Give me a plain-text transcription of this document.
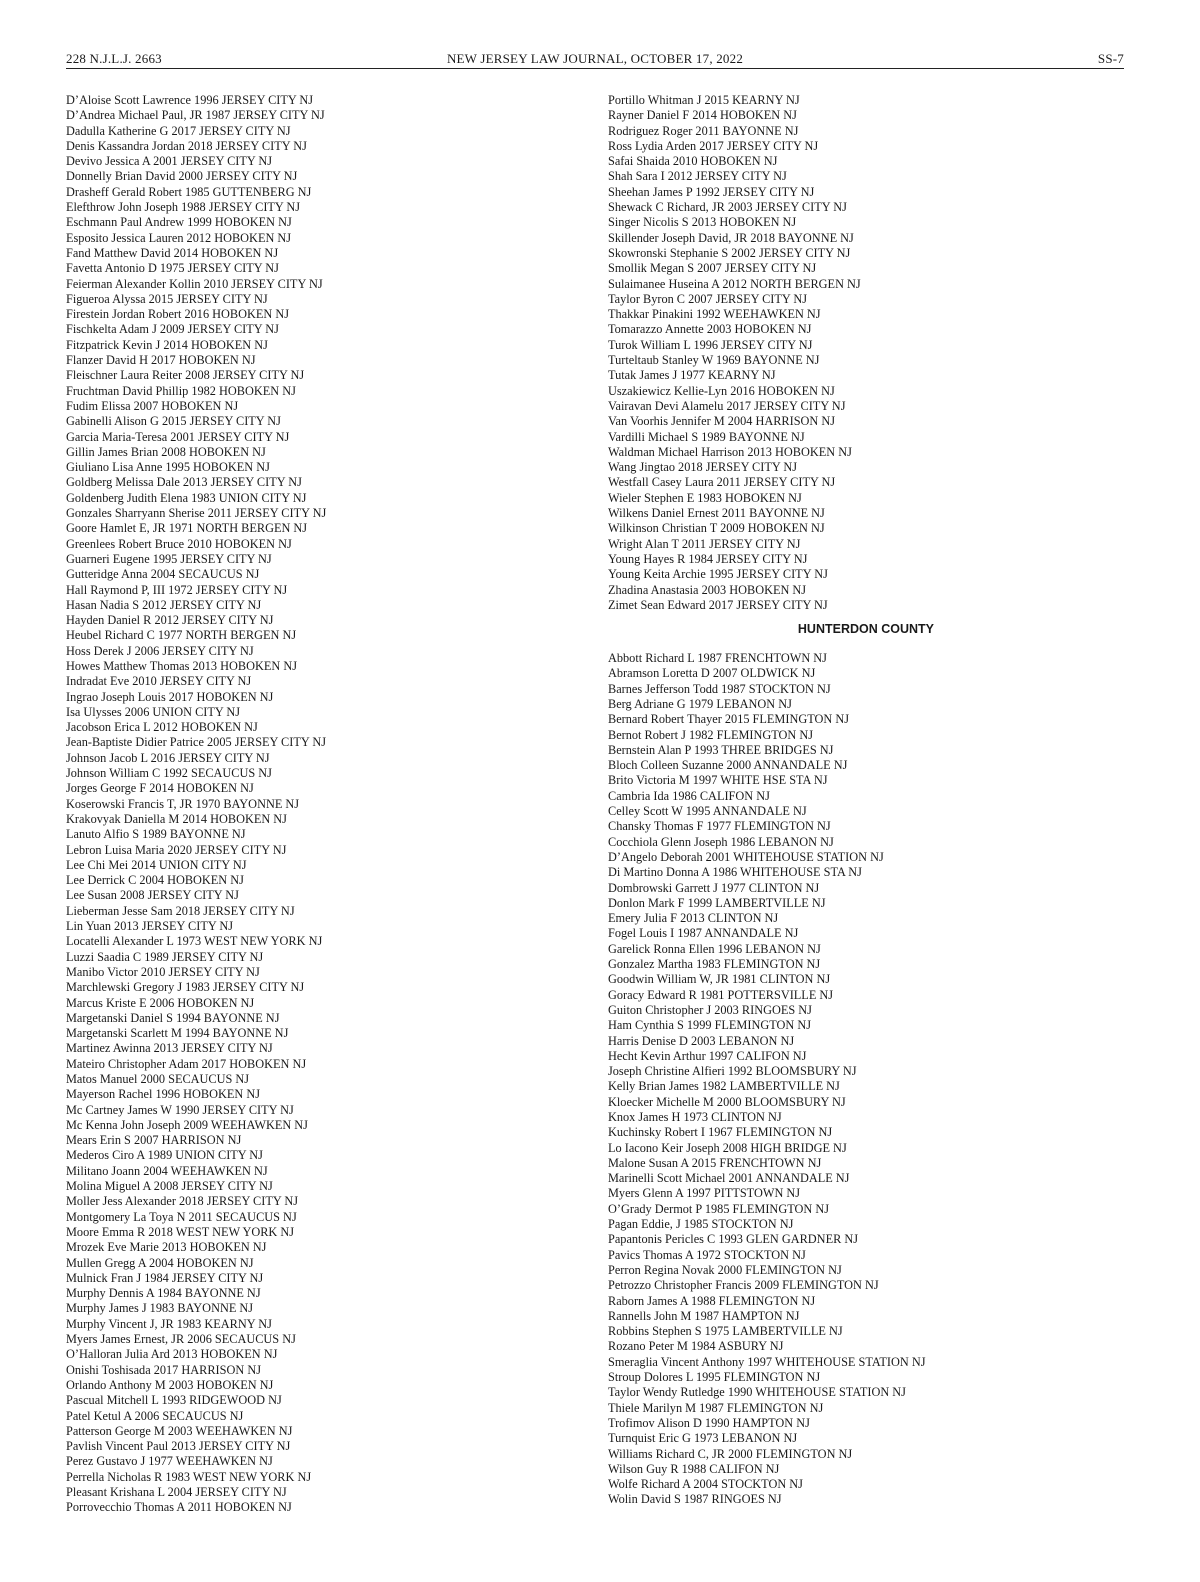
228 N.J.L.J. 2663	NEW JERSEY LAW JOURNAL, OCTOBER 17, 2022	SS-7
D’Aloise Scott Lawrence 1996 JERSEY CITY NJ
D’Andrea Michael Paul, JR 1987 JERSEY CITY NJ
Dadulla Katherine G 2017 JERSEY CITY NJ
Denis Kassandra Jordan 2018 JERSEY CITY NJ
Devivo Jessica A 2001 JERSEY CITY NJ
Donnelly Brian David 2000 JERSEY CITY NJ
Drasheff Gerald Robert 1985 GUTTENBERG NJ
Elefthrow John Joseph 1988 JERSEY CITY NJ
Eschmann Paul Andrew 1999 HOBOKEN NJ
Esposito Jessica Lauren 2012 HOBOKEN NJ
Fand Matthew David 2014 HOBOKEN NJ
Favetta Antonio D 1975 JERSEY CITY NJ
Feierman Alexander Kollin 2010 JERSEY CITY NJ
Figueroa Alyssa 2015 JERSEY CITY NJ
Firestein Jordan Robert 2016 HOBOKEN NJ
Fischkelta Adam J 2009 JERSEY CITY NJ
Fitzpatrick Kevin J 2014 HOBOKEN NJ
Flanzer David H 2017 HOBOKEN NJ
Fleischner Laura Reiter 2008 JERSEY CITY NJ
Fruchtman David Phillip 1982 HOBOKEN NJ
Fudim Elissa 2007 HOBOKEN NJ
Gabinelli Alison G 2015 JERSEY CITY NJ
Garcia Maria-Teresa 2001 JERSEY CITY NJ
Gillin James Brian 2008 HOBOKEN NJ
Giuliano Lisa Anne 1995 HOBOKEN NJ
Goldberg Melissa Dale 2013 JERSEY CITY NJ
Goldenberg Judith Elena 1983 UNION CITY NJ
Gonzales Sharryann Sherise 2011 JERSEY CITY NJ
Goore Hamlet E, JR 1971 NORTH BERGEN NJ
Greenlees Robert Bruce 2010 HOBOKEN NJ
Guarneri Eugene 1995 JERSEY CITY NJ
Gutteridge Anna 2004 SECAUCUS NJ
Hall Raymond P, III 1972 JERSEY CITY NJ
Hasan Nadia S 2012 JERSEY CITY NJ
Hayden Daniel R 2012 JERSEY CITY NJ
Heubel Richard C 1977 NORTH BERGEN NJ
Hoss Derek J 2006 JERSEY CITY NJ
Howes Matthew Thomas 2013 HOBOKEN NJ
Indradat Eve 2010 JERSEY CITY NJ
Ingrao Joseph Louis 2017 HOBOKEN NJ
Isa Ulysses 2006 UNION CITY NJ
Jacobson Erica L 2012 HOBOKEN NJ
Jean-Baptiste Didier Patrice 2005 JERSEY CITY NJ
Johnson Jacob L 2016 JERSEY CITY NJ
Johnson William C 1992 SECAUCUS NJ
Jorges George F 2014 HOBOKEN NJ
Koserowski Francis T, JR 1970 BAYONNE NJ
Krakovyak Daniella M 2014 HOBOKEN NJ
Lanuto Alfio S 1989 BAYONNE NJ
Lebron Luisa Maria 2020 JERSEY CITY NJ
Lee Chi Mei 2014 UNION CITY NJ
Lee Derrick C 2004 HOBOKEN NJ
Lee Susan 2008 JERSEY CITY NJ
Lieberman Jesse Sam 2018 JERSEY CITY NJ
Lin Yuan 2013 JERSEY CITY NJ
Locatelli Alexander L 1973 WEST NEW YORK NJ
Luzzi Saadia C 1989 JERSEY CITY NJ
Manibo Victor 2010 JERSEY CITY NJ
Marchlewski Gregory J 1983 JERSEY CITY NJ
Marcus Kriste E 2006 HOBOKEN NJ
Margetanski Daniel S 1994 BAYONNE NJ
Margetanski Scarlett M 1994 BAYONNE NJ
Martinez Awinna 2013 JERSEY CITY NJ
Mateiro Christopher Adam 2017 HOBOKEN NJ
Matos Manuel 2000 SECAUCUS NJ
Mayerson Rachel 1996 HOBOKEN NJ
Mc Cartney James W 1990 JERSEY CITY NJ
Mc Kenna John Joseph 2009 WEEHAWKEN NJ
Mears Erin S 2007 HARRISON NJ
Mederos Ciro A 1989 UNION CITY NJ
Militano Joann 2004 WEEHAWKEN NJ
Molina Miguel A 2008 JERSEY CITY NJ
Moller Jess Alexander 2018 JERSEY CITY NJ
Montgomery La Toya N 2011 SECAUCUS NJ
Moore Emma R 2018 WEST NEW YORK NJ
Mrozek Eve Marie 2013 HOBOKEN NJ
Mullen Gregg A 2004 HOBOKEN NJ
Mulnick Fran J 1984 JERSEY CITY NJ
Murphy Dennis A 1984 BAYONNE NJ
Murphy James J 1983 BAYONNE NJ
Murphy Vincent J, JR 1983 KEARNY NJ
Myers James Ernest, JR 2006 SECAUCUS NJ
O’Halloran Julia Ard 2013 HOBOKEN NJ
Onishi Toshisada 2017 HARRISON NJ
Orlando Anthony M 2003 HOBOKEN NJ
Pascual Mitchell L 1993 RIDGEWOOD NJ
Patel Ketul A 2006 SECAUCUS NJ
Patterson George M 2003 WEEHAWKEN NJ
Pavlish Vincent Paul 2013 JERSEY CITY NJ
Perez Gustavo J 1977 WEEHAWKEN NJ
Perrella Nicholas R 1983 WEST NEW YORK NJ
Pleasant Krishana L 2004 JERSEY CITY NJ
Porrovecchio Thomas A 2011 HOBOKEN NJ
Portillo Whitman J 2015 KEARNY NJ
Rayner Daniel F 2014 HOBOKEN NJ
Rodriguez Roger 2011 BAYONNE NJ
Ross Lydia Arden 2017 JERSEY CITY NJ
Safai Shaida 2010 HOBOKEN NJ
Shah Sara I 2012 JERSEY CITY NJ
Sheehan James P 1992 JERSEY CITY NJ
Shewack C Richard, JR 2003 JERSEY CITY NJ
Singer Nicolis S 2013 HOBOKEN NJ
Skillender Joseph David, JR 2018 BAYONNE NJ
Skowronski Stephanie S 2002 JERSEY CITY NJ
Smollik Megan S 2007 JERSEY CITY NJ
Sulaimanee Huseina A 2012 NORTH BERGEN NJ
Taylor Byron C 2007 JERSEY CITY NJ
Thakkar Pinakini 1992 WEEHAWKEN NJ
Tomarazzo Annette 2003 HOBOKEN NJ
Turok William L 1996 JERSEY CITY NJ
Turteltaub Stanley W 1969 BAYONNE NJ
Tutak James J 1977 KEARNY NJ
Uszakiewicz Kellie-Lyn 2016 HOBOKEN NJ
Vairavan Devi Alamelu 2017 JERSEY CITY NJ
Van Voorhis Jennifer M 2004 HARRISON NJ
Vardilli Michael S 1989 BAYONNE NJ
Waldman Michael Harrison 2013 HOBOKEN NJ
Wang Jingtao 2018 JERSEY CITY NJ
Westfall Casey Laura 2011 JERSEY CITY NJ
Wieler Stephen E 1983 HOBOKEN NJ
Wilkens Daniel Ernest 2011 BAYONNE NJ
Wilkinson Christian T 2009 HOBOKEN NJ
Wright Alan T 2011 JERSEY CITY NJ
Young Hayes R 1984 JERSEY CITY NJ
Young Keita Archie 1995 JERSEY CITY NJ
Zhadina Anastasia 2003 HOBOKEN NJ
Zimet Sean Edward 2017 JERSEY CITY NJ
HUNTERDON COUNTY
Abbott Richard L 1987 FRENCHTOWN NJ
Abramson Loretta D 2007 OLDWICK NJ
Barnes Jefferson Todd 1987 STOCKTON NJ
Berg Adriane G 1979 LEBANON NJ
Bernard Robert Thayer 2015 FLEMINGTON NJ
Bernot Robert J 1982 FLEMINGTON NJ
Bernstein Alan P 1993 THREE BRIDGES NJ
Bloch Colleen Suzanne 2000 ANNANDALE NJ
Brito Victoria M 1997 WHITE HSE STA NJ
Cambria Ida 1986 CALIFON NJ
Celley Scott W 1995 ANNANDALE NJ
Chansky Thomas F 1977 FLEMINGTON NJ
Cocchiola Glenn Joseph 1986 LEBANON NJ
D’Angelo Deborah 2001 WHITEHOUSE STATION NJ
Di Martino Donna A 1986 WHITEHOUSE STA NJ
Dombrowski Garrett J 1977 CLINTON NJ
Donlon Mark F 1999 LAMBERTVILLE NJ
Emery Julia F 2013 CLINTON NJ
Fogel Louis I 1987 ANNANDALE NJ
Garelick Ronna Ellen 1996 LEBANON NJ
Gonzalez Martha 1983 FLEMINGTON NJ
Goodwin William W, JR 1981 CLINTON NJ
Goracy Edward R 1981 POTTERSVILLE NJ
Guiton Christopher J 2003 RINGOES NJ
Ham Cynthia S 1999 FLEMINGTON NJ
Harris Denise D 2003 LEBANON NJ
Hecht Kevin Arthur 1997 CALIFON NJ
Joseph Christine Alfieri 1992 BLOOMSBURY NJ
Kelly Brian James 1982 LAMBERTVILLE NJ
Kloecker Michelle M 2000 BLOOMSBURY NJ
Knox James H 1973 CLINTON NJ
Kuchinsky Robert I 1967 FLEMINGTON NJ
Lo Iacono Keir Joseph 2008 HIGH BRIDGE NJ
Malone Susan A 2015 FRENCHTOWN NJ
Marinelli Scott Michael 2001 ANNANDALE NJ
Myers Glenn A 1997 PITTSTOWN NJ
O’Grady Dermot P 1985 FLEMINGTON NJ
Pagan Eddie, J 1985 STOCKTON NJ
Papantonis Pericles C 1993 GLEN GARDNER NJ
Pavics Thomas A 1972 STOCKTON NJ
Perron Regina Novak 2000 FLEMINGTON NJ
Petrozzo Christopher Francis 2009 FLEMINGTON NJ
Raborn James A 1988 FLEMINGTON NJ
Rannells John M 1987 HAMPTON NJ
Robbins Stephen S 1975 LAMBERTVILLE NJ
Rozano Peter M 1984 ASBURY NJ
Smeraglia Vincent Anthony 1997 WHITEHOUSE STATION NJ
Stroup Dolores L 1995 FLEMINGTON NJ
Taylor Wendy Rutledge 1990 WHITEHOUSE STATION NJ
Thiele Marilyn M 1987 FLEMINGTON NJ
Trofimov Alison D 1990 HAMPTON NJ
Turnquist Eric G 1973 LEBANON NJ
Williams Richard C, JR 2000 FLEMINGTON NJ
Wilson Guy R 1988 CALIFON NJ
Wolfe Richard A 2004 STOCKTON NJ
Wolin David S 1987 RINGOES NJ
